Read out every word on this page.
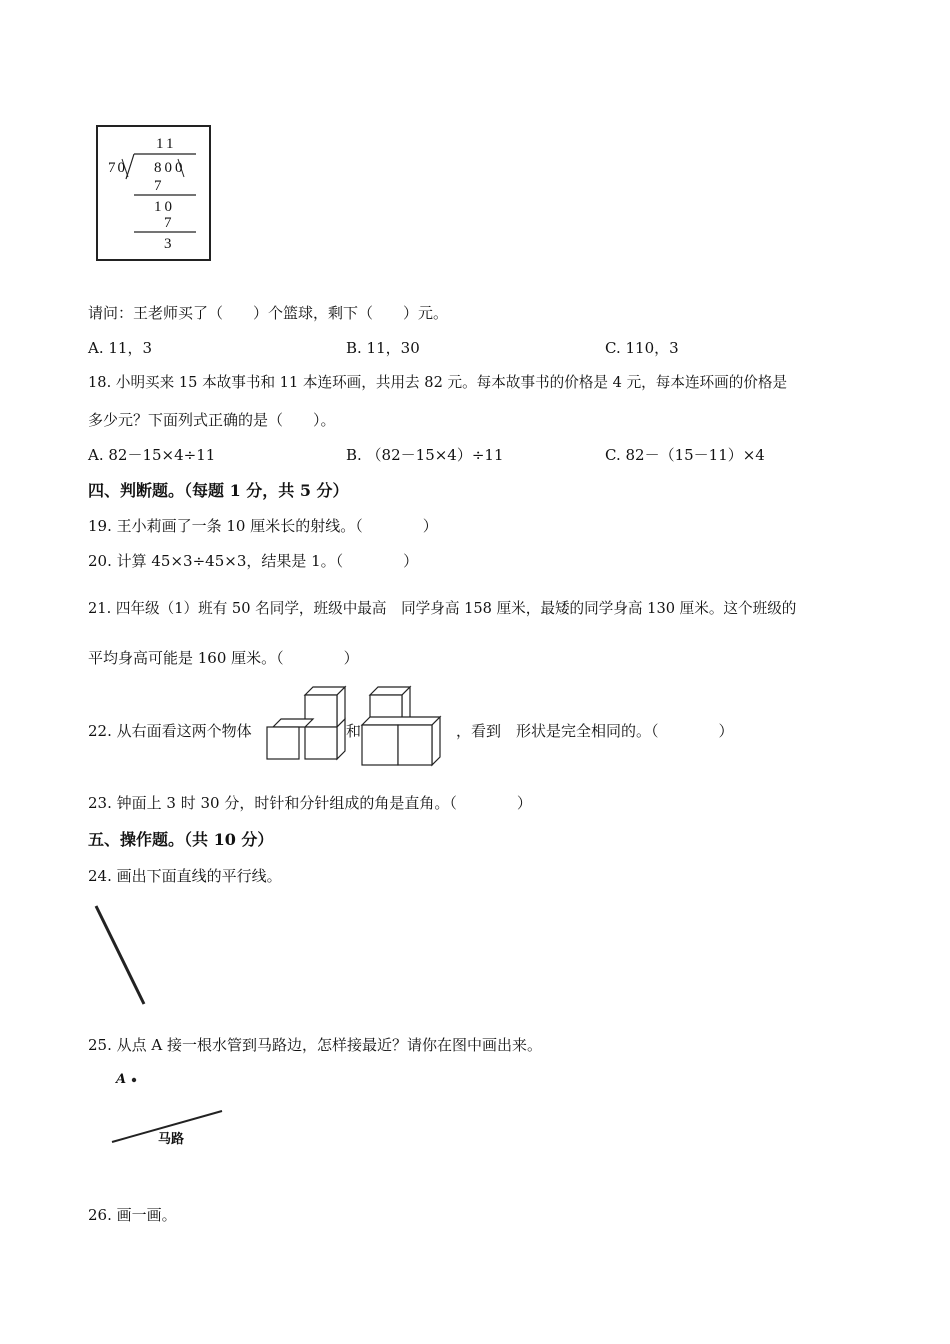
11
70 800
7
10
7
3
请问：王老师买了（　　）个篮球，剩下（　　）元。
A. 11，3	B. 11，30	C. 110，3
18. 小明买来 15 本故事书和 11 本连环画，共用去 82 元。每本故事书的价格是 4 元，每本连环画的价格是
多少元？下面列式正确的是（　　）。
A. 82－15×4÷11	B. （82－15×4）÷11	C. 82－（15－11）×4
四、判断题。（每题 1 分，共 5 分）
19. 王小莉画了一条 10 厘米长的射线。（　　　　）
20. 计算 45×3÷45×3，结果是 1。（　　　　）
21. 四年级（1）班有 50 名同学，班级中最高　同学身高 158 厘米，最矮的同学身高 130 厘米。这个班级的
平均身高可能是 160 厘米。（　　　　）
22. 从右面看这两个物体	和	，看到　形状是完全相同的。（　　　　）
23. 钟面上 3 时 30 分，时针和分针组成的角是直角。（　　　　）
五、操作题。（共 10 分）
24. 画出下面直线的平行线。
25. 从点 A 接一根水管到马路边，怎样接最近？请你在图中画出来。
A
马路
26. 画一画。
